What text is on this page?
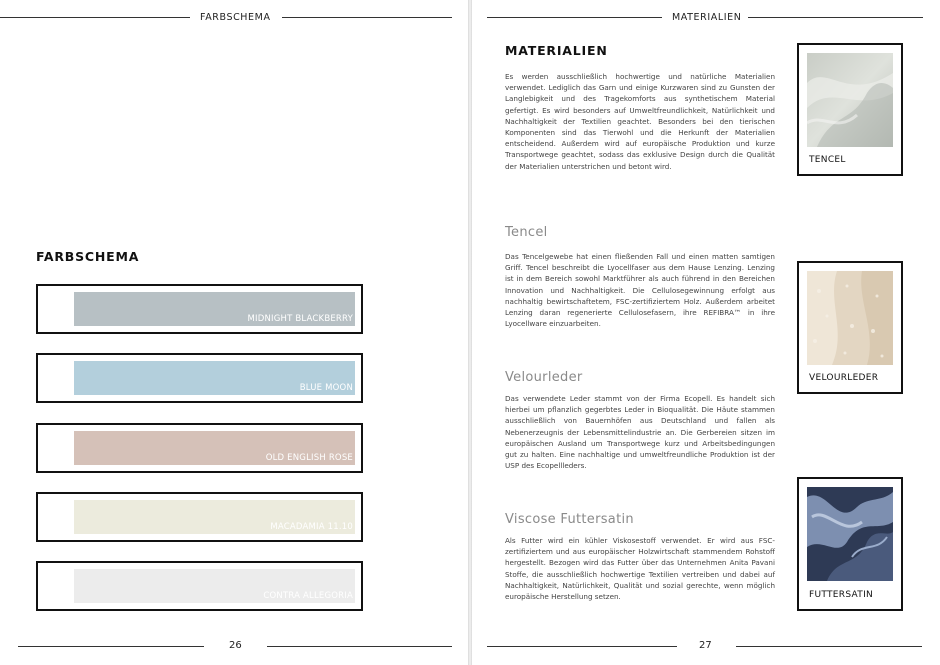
FARBSCHEMA
FARBSCHEMA
MIDNIGHT BLACKBERRY
BLUE MOON
OLD ENGLISH ROSE
MACADAMIA 11.10
CONTRA ALLEGORIA
26
MATERIALIEN
MATERIALIEN
Es werden ausschließlich hochwertige und natürliche Materialien verwendet. Lediglich das Garn und einige Kurzwaren sind zu Gunsten der Langlebigkeit und des Tragekomforts aus synthetischem Material gefertigt. Es wird besonders auf Umweltfreundlichkeit, Natürlichkeit und Nachhaltigkeit der Textilien geachtet. Besonders bei den tierischen Komponenten sind das Tierwohl und die Herkunft der Materialien entscheidend. Außerdem wird auf europäische Produktion und kurze Transportwege geachtet, sodass das exklusive Design durch die Qualität der Materialien unterstrichen und betont wird.
Tencel
Das Tencelgewebe hat einen fließenden Fall und einen matten samtigen Griff. Tencel beschreibt die Lyocellfaser aus dem Hause Lenzing. Lenzing ist in dem Bereich sowohl Marktführer als auch führend in den Bereichen Innovation und Nachhaltigkeit. Die Cellulosegewinnung erfolgt aus nachhaltig bewirtschaftetem, FSC-zertifiziertem Holz. Außerdem arbeitet Lenzing daran regenerierte Cellulosefasern, ihre REFIBRA™ in ihre Lyocellware einzuarbeiten.
Velourleder
Das verwendete Leder stammt von der Firma Ecopell. Es handelt sich hierbei um pflanzlich gegerbtes Leder in Bioqualität. Die Häute stammen ausschließlich von Bauernhöfen aus Deutschland und fallen als Nebenerzeugnis der Lebensmittelindustrie an. Die Gerbereien sitzen im europäischen Ausland um Transportwege kurz und Arbeitsbedingungen gut zu halten. Eine nachhaltige und umweltfreundliche Produktion ist der USP des Ecopellleders.
Viscose Futtersatin
Als Futter wird ein kühler Viskosestoff verwendet. Er wird aus FSC-zertifiziertem und aus europäischer Holzwirtschaft stammendem Rohstoff hergestellt. Bezogen wird das Futter über das Unternehmen Anita Pavani Stoffe, die ausschließlich hochwertige Textilien vertreiben und dabei auf Nachhaltigkeit, Natürlichkeit, Qualität und sozial gerechte, wenn möglich europäische Herstellung setzen.
TENCEL
VELOURLEDER
FUTTERSATIN
27
